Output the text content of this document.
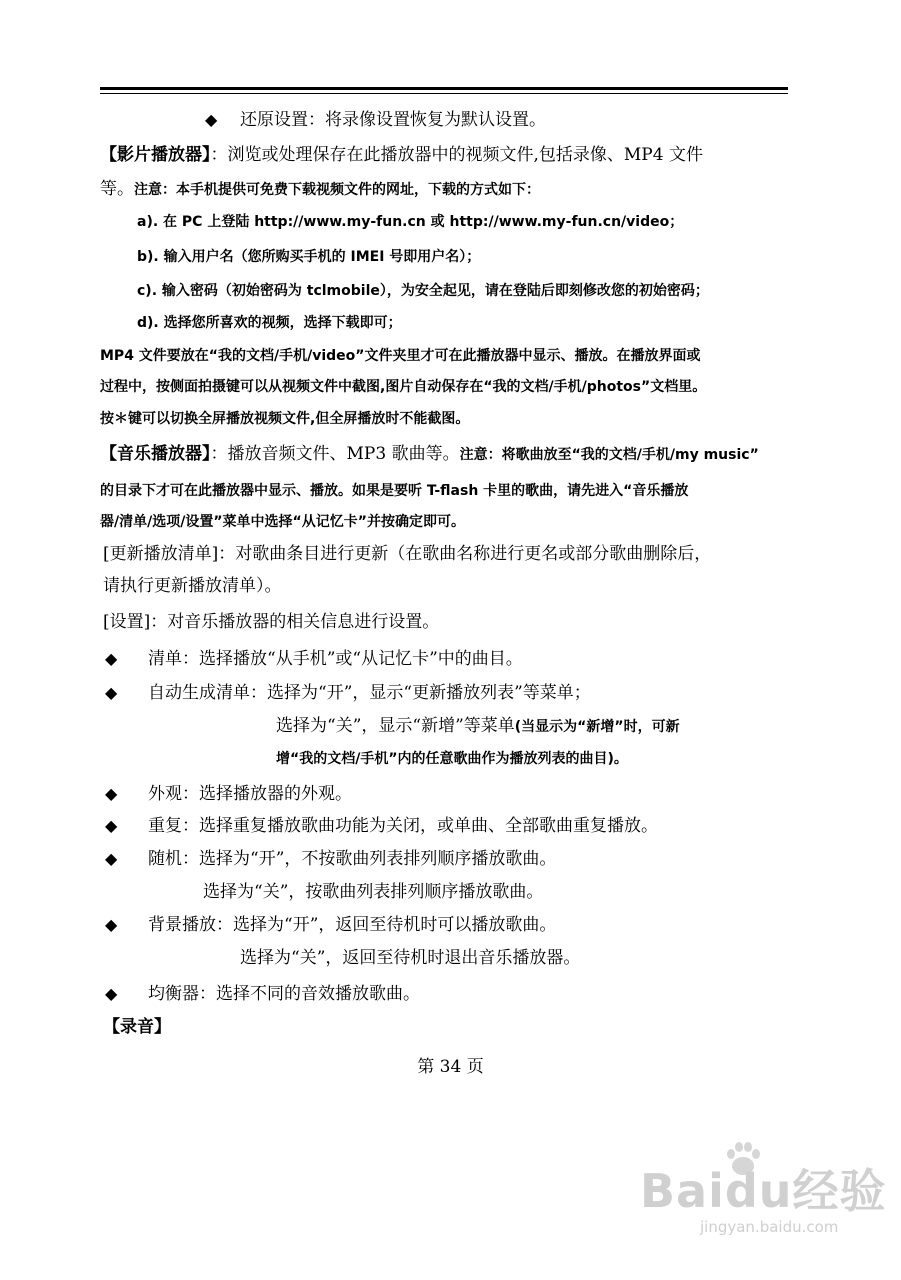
◆ 还原设置：将录像设置恢复为默认设置。
【影片播放器】：浏览或处理保存在此播放器中的视频文件,包括录像、MP4 文件
等。注意：本手机提供可免费下载视频文件的网址，下载的方式如下：
a). 在 PC 上登陆 http://www.my-fun.cn 或 http://www.my-fun.cn/video；
b). 输入用户名（您所购买手机的 IMEI 号即用户名）；
c). 输入密码（初始密码为 tclmobile），为安全起见，请在登陆后即刻修改您的初始密码；
d). 选择您所喜欢的视频，选择下载即可；
MP4 文件要放在“我的文档/手机/video”文件夹里才可在此播放器中显示、播放。在播放界面或
过程中，按侧面拍摄键可以从视频文件中截图,图片自动保存在“我的文档/手机/photos”文档里。
按＊键可以切换全屏播放视频文件,但全屏播放时不能截图。
【音乐播放器】：播放音频文件、MP3 歌曲等。注意：将歌曲放至“我的文档/手机/my music”
的目录下才可在此播放器中显示、播放。如果是要听 T-flash 卡里的歌曲，请先进入“音乐播放
器/清单/选项/设置”菜单中选择“从记忆卡”并按确定即可。
[更新播放清单]：对歌曲条目进行更新（在歌曲名称进行更名或部分歌曲删除后，
请执行更新播放清单）。
[设置]：对音乐播放器的相关信息进行设置。
◆ 清单：选择播放“从手机”或“从记忆卡”中的曲目。
◆ 自动生成清单：选择为“开”，显示“更新播放列表”等菜单；
选择为“关”，显示“新增”等菜单(当显示为“新增”时，可新
增“我的文档/手机”内的任意歌曲作为播放列表的曲目)。
◆ 外观：选择播放器的外观。
◆ 重复：选择重复播放歌曲功能为关闭，或单曲、全部歌曲重复播放。
◆ 随机：选择为“开”，不按歌曲列表排列顺序播放歌曲。
选择为“关”，按歌曲列表排列顺序播放歌曲。
◆ 背景播放：选择为“开”，返回至待机时可以播放歌曲。
选择为“关”，返回至待机时退出音乐播放器。
◆ 均衡器：选择不同的音效播放歌曲。
【录音】
第 34 页
Baidu经验
jingyan.baidu.com
